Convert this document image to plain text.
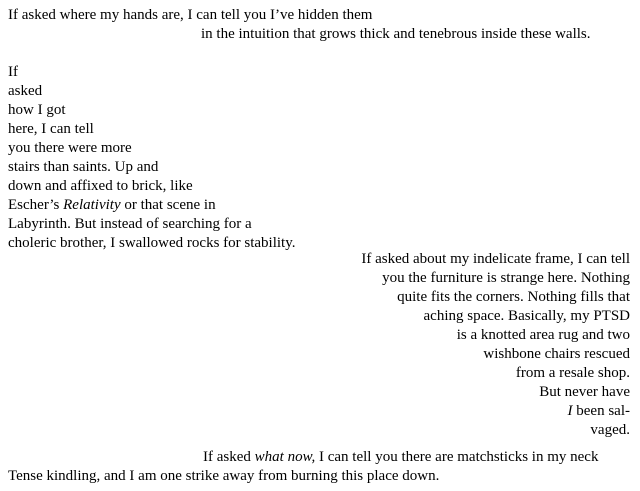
If asked where my hands are, I can tell you I’ve hidden them
in the intuition that grows thick and tenebrous inside these walls.
If
asked
how I got
here, I can tell
you there were more
stairs than saints. Up and
down and affixed to brick, like
Escher’s Relativity or that scene in
Labyrinth. But instead of searching for a
choleric brother, I swallowed rocks for stability.
If asked about my indelicate frame, I can tell
you the furniture is strange here. Nothing
quite fits the corners. Nothing fills that
aching space. Basically, my PTSD
is a knotted area rug and two
wishbone chairs rescued
from a resale shop.
But never have
I been sal-
vaged.
If asked what now, I can tell you there are matchsticks in my neck
Tense kindling, and I am one strike away from burning this place down.
